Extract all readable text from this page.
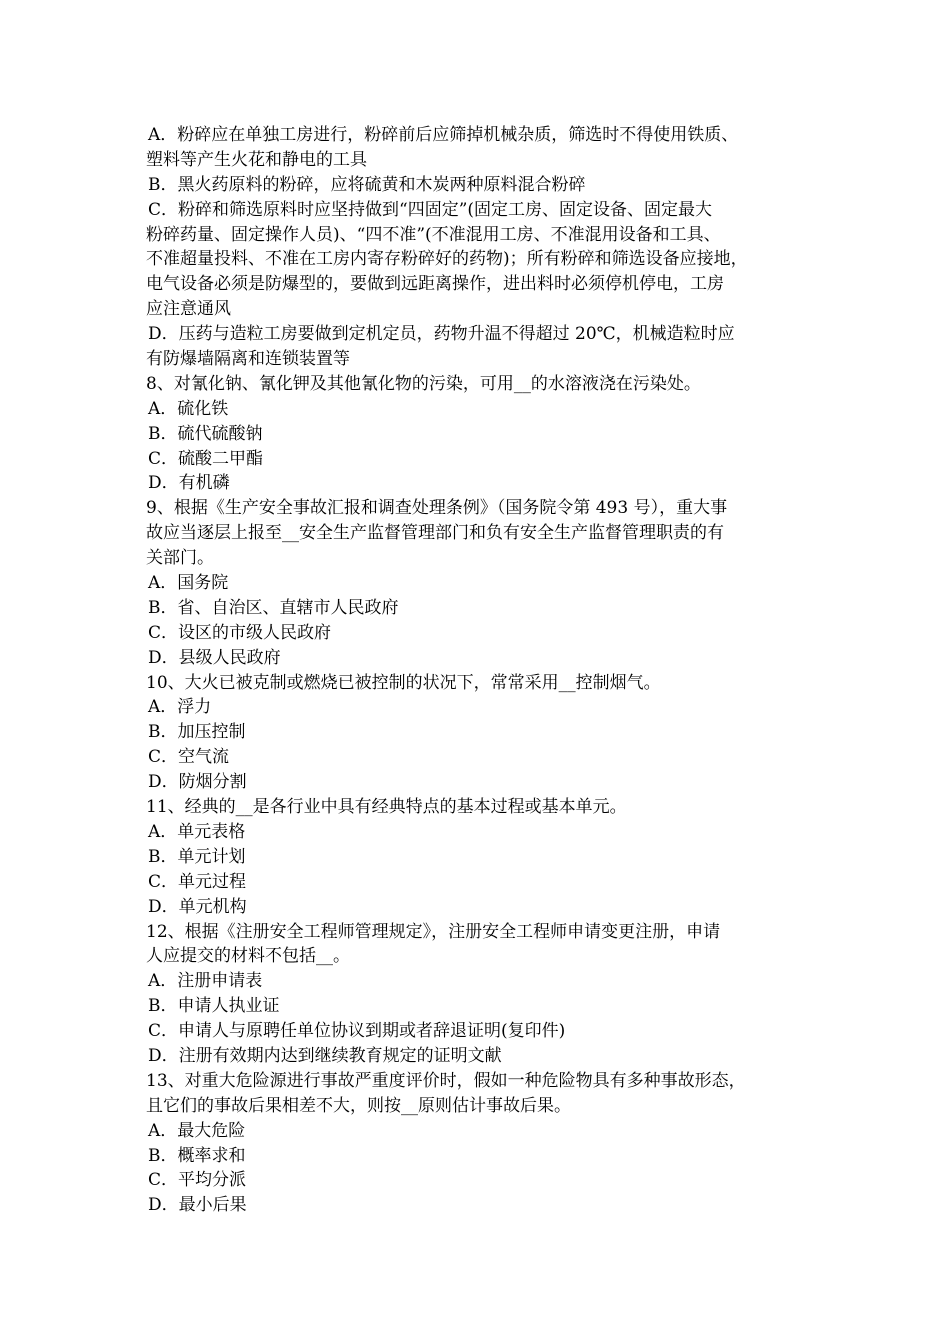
A．粉碎应在单独工房进行，粉碎前后应筛掉机械杂质，筛选时不得使用铁质、
塑料等产生火花和静电的工具
B．黑火药原料的粉碎，应将硫黄和木炭两种原料混合粉碎
C．粉碎和筛选原料时应坚持做到“四固定”(固定工房、固定设备、固定最大
粉碎药量、固定操作人员)、“四不准”(不准混用工房、不准混用设备和工具、
不准超量投料、不准在工房内寄存粉碎好的药物)；所有粉碎和筛选设备应接地，
电气设备必须是防爆型的，要做到远距离操作，进出料时必须停机停电，工房
应注意通风
D．压药与造粒工房要做到定机定员，药物升温不得超过 20℃，机械造粒时应
有防爆墙隔离和连锁装置等
8、对氰化钠、氰化钾及其他氰化物的污染，可用__的水溶液浇在污染处。
A．硫化铁
B．硫代硫酸钠
C．硫酸二甲酯
D．有机磷
9、根据《生产安全事故汇报和调查处理条例》（国务院令第 493 号），重大事
故应当逐层上报至__安全生产监督管理部门和负有安全生产监督管理职责的有
关部门。
A．国务院
B．省、自治区、直辖市人民政府
C．设区的市级人民政府
D．县级人民政府
10、大火已被克制或燃烧已被控制的状况下，常常采用__控制烟气。
A．浮力
B．加压控制
C．空气流
D．防烟分割
11、经典的__是各行业中具有经典特点的基本过程或基本单元。
A．单元表格
B．单元计划
C．单元过程
D．单元机构
12、根据《注册安全工程师管理规定》，注册安全工程师申请变更注册，申请
人应提交的材料不包括__。
A．注册申请表
B．申请人执业证
C．申请人与原聘任单位协议到期或者辞退证明(复印件)
D．注册有效期内达到继续教育规定的证明文献
13、对重大危险源进行事故严重度评价时，假如一种危险物具有多种事故形态，
且它们的事故后果相差不大，则按__原则估计事故后果。
A．最大危险
B．概率求和
C．平均分派
D．最小后果
